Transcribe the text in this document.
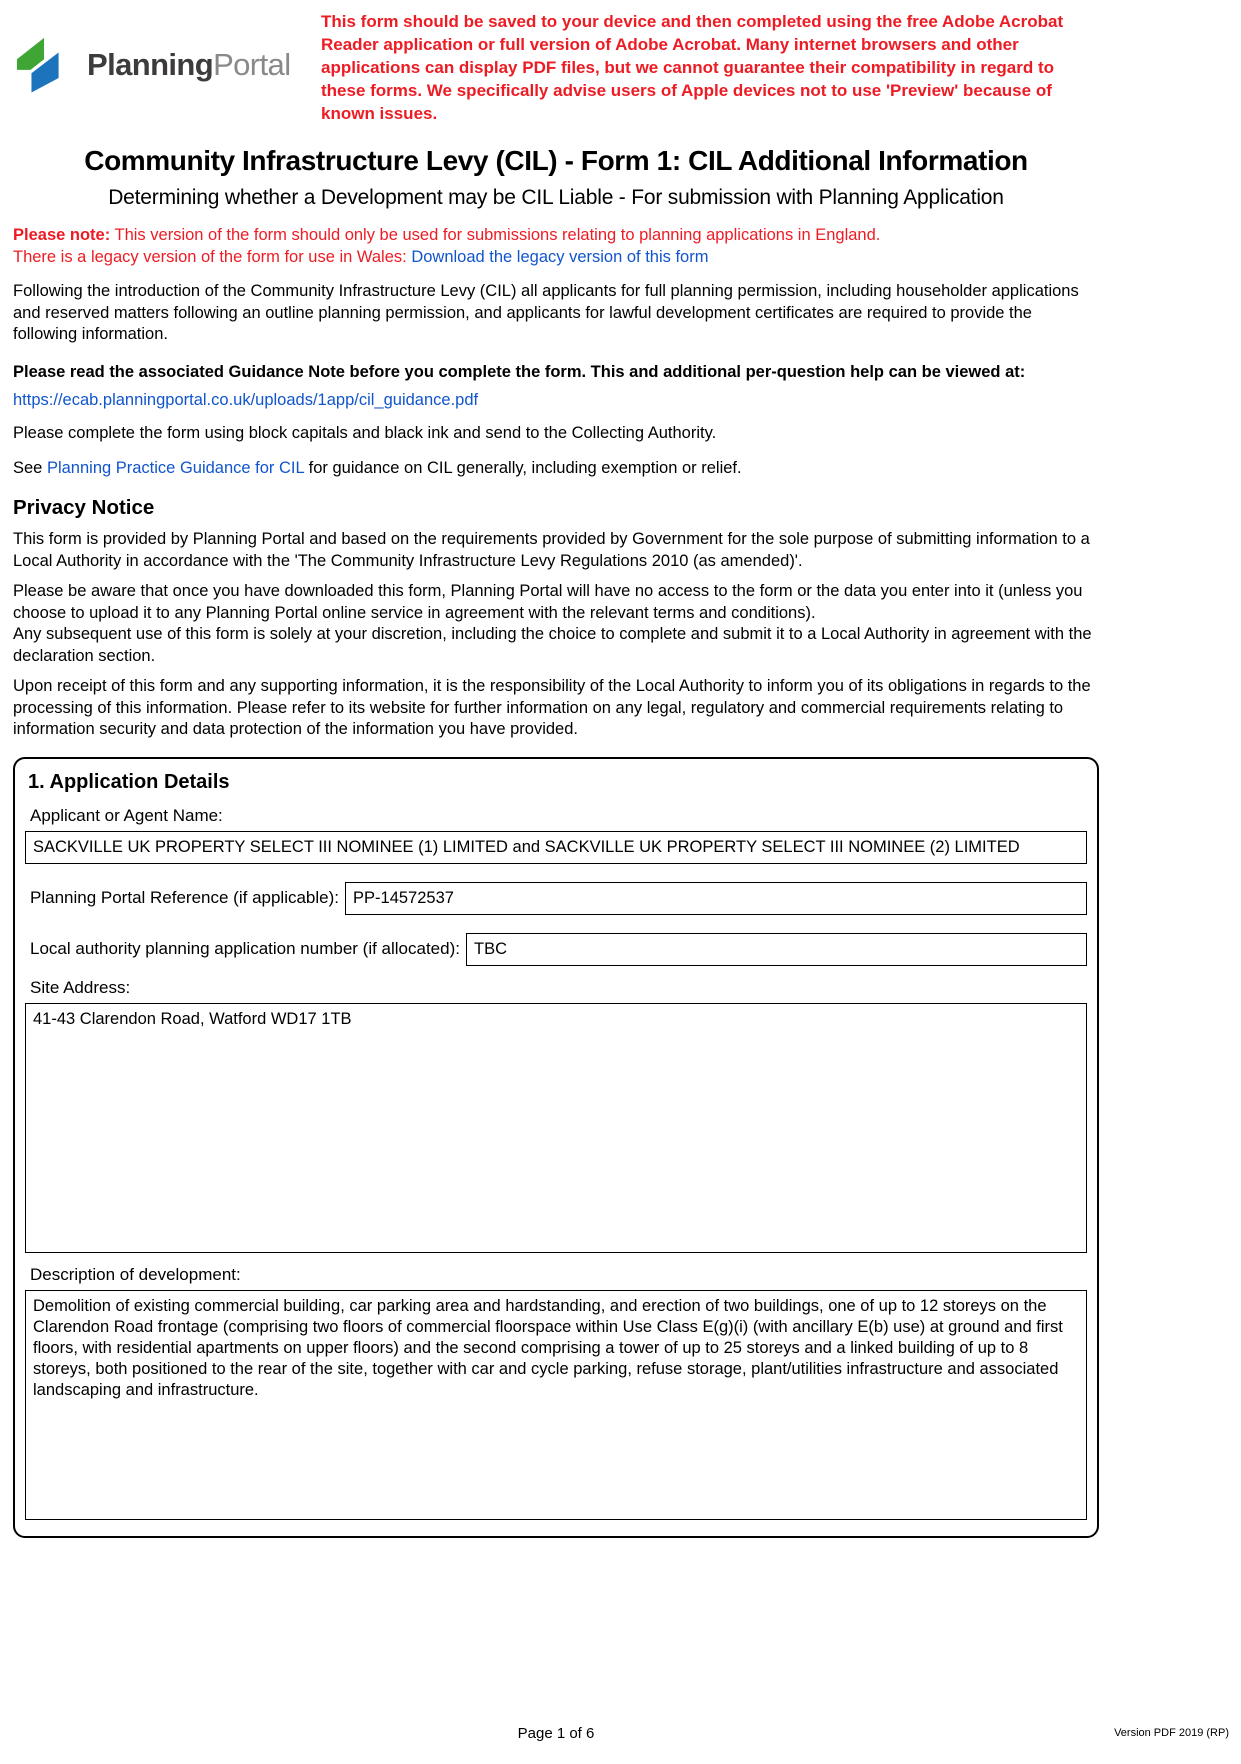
PlanningPortal
This form should be saved to your device and then completed using the free Adobe Acrobat Reader application or full version of Adobe Acrobat. Many internet browsers and other applications can display PDF files, but we cannot guarantee their compatibility in regard to these forms. We specifically advise users of Apple devices not to use 'Preview' because of known issues.
Community Infrastructure Levy (CIL) - Form 1: CIL Additional Information
Determining whether a Development may be CIL Liable - For submission with Planning Application

Please note: This version of the form should only be used for submissions relating to planning applications in England.
There is a legacy version of the form for use in Wales: Download the legacy version of this form

Following the introduction of the Community Infrastructure Levy (CIL) all applicants for full planning permission, including householder applications and reserved matters following an outline planning permission, and applicants for lawful development certificates are required to provide the following information.

Please read the associated Guidance Note before you complete the form. This and additional per-question help can be viewed at:
https://ecab.planningportal.co.uk/uploads/1app/cil_guidance.pdf

Please complete the form using block capitals and black ink and send to the Collecting Authority.

See Planning Practice Guidance for CIL for guidance on CIL generally, including exemption or relief.

Privacy Notice

This form is provided by Planning Portal and based on the requirements provided by Government for the sole purpose of submitting information to a Local Authority in accordance with the 'The Community Infrastructure Levy Regulations 2010 (as amended)'.

Please be aware that once you have downloaded this form, Planning Portal will have no access to the form or the data you enter into it (unless you choose to upload it to any Planning Portal online service in agreement with the relevant terms and conditions).
Any subsequent use of this form is solely at your discretion, including the choice to complete and submit it to a Local Authority in agreement with the declaration section.

Upon receipt of this form and any supporting information, it is the responsibility of the Local Authority to inform you of its obligations in regards to the processing of this information. Please refer to its website for further information on any legal, regulatory and commercial requirements relating to information security and data protection of the information you have provided.

1. Application Details
Applicant or Agent Name:
SACKVILLE UK PROPERTY SELECT III NOMINEE (1) LIMITED and SACKVILLE UK PROPERTY SELECT III NOMINEE (2) LIMITED
Planning Portal Reference (if applicable): PP-14572537
Local authority planning application number (if allocated): TBC
Site Address:
41-43 Clarendon Road, Watford WD17 1TB
Description of development:
Demolition of existing commercial building, car parking area and hardstanding, and erection of two buildings, one of up to 12 storeys on the Clarendon Road frontage (comprising two floors of commercial floorspace within Use Class E(g)(i) (with ancillary E(b) use) at ground and first floors, with residential apartments on upper floors) and the second comprising a tower of up to 25 storeys and a linked building of up to 8 storeys, both positioned to the rear of the site, together with car and cycle parking, refuse storage, plant/utilities infrastructure and associated landscaping and infrastructure.
Page 1 of 6	Version PDF 2019 (RP)
